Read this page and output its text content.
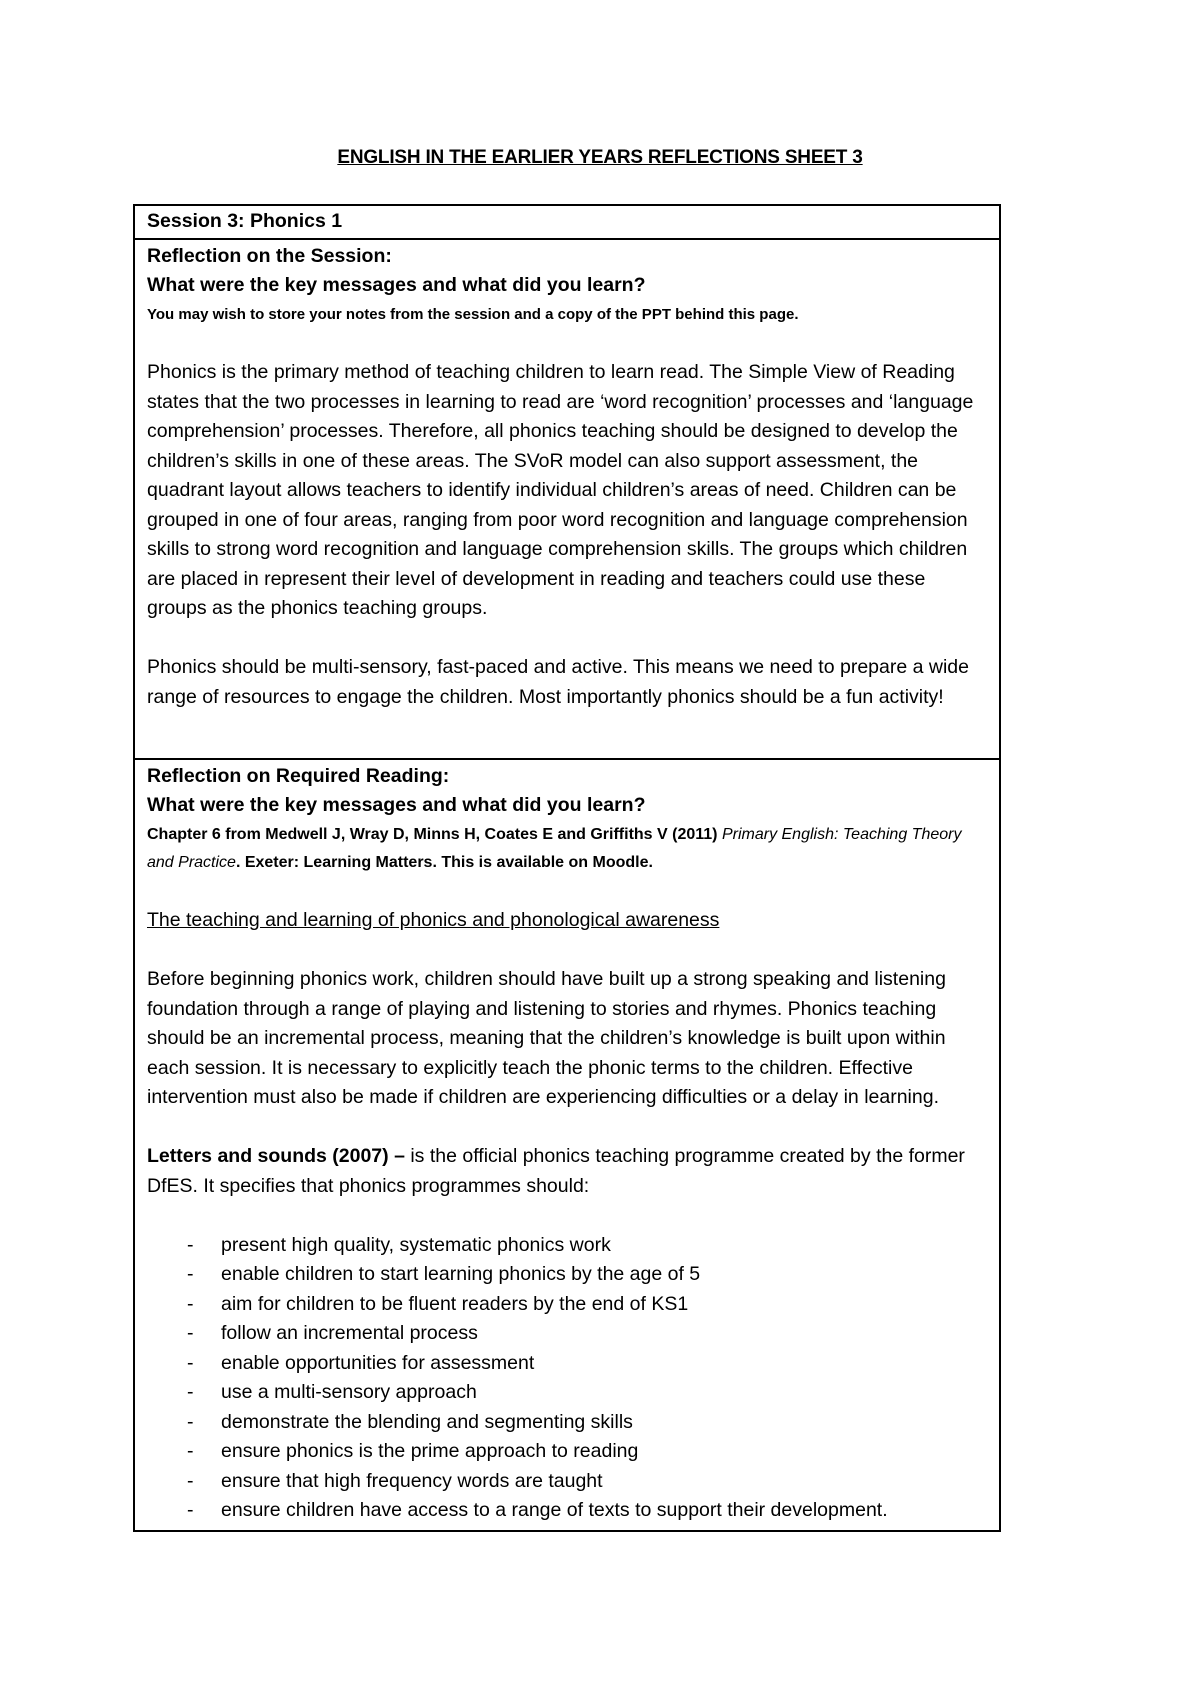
ENGLISH IN THE EARLIER YEARS REFLECTIONS SHEET 3
Session 3: Phonics 1
Reflection on the Session:
What were the key messages and what did you learn?
You may wish to store your notes from the session and a copy of the PPT behind this page.
Phonics is the primary method of teaching children to learn read. The Simple View of Reading states that the two processes in learning to read are ‘word recognition’ processes and ‘language comprehension’ processes. Therefore, all phonics teaching should be designed to develop the children’s skills in one of these areas. The SVoR model can also support assessment, the quadrant layout allows teachers to identify individual children’s areas of need. Children can be grouped in one of four areas, ranging from poor word recognition and language comprehension skills to strong word recognition and language comprehension skills. The groups which children are placed in represent their level of development in reading and teachers could use these groups as the phonics teaching groups.
Phonics should be multi-sensory, fast-paced and active. This means we need to prepare a wide range of resources to engage the children. Most importantly phonics should be a fun activity!
Reflection on Required Reading:
What were the key messages and what did you learn?
Chapter 6 from Medwell J, Wray D, Minns H, Coates E and Griffiths V (2011) Primary English: Teaching Theory and Practice. Exeter: Learning Matters. This is available on Moodle.
The teaching and learning of phonics and phonological awareness
Before beginning phonics work, children should have built up a strong speaking and listening foundation through a range of playing and listening to stories and rhymes. Phonics teaching should be an incremental process, meaning that the children’s knowledge is built upon within each session. It is necessary to explicitly teach the phonic terms to the children. Effective intervention must also be made if children are experiencing difficulties or a delay in learning.
Letters and sounds (2007) – is the official phonics teaching programme created by the former DfES. It specifies that phonics programmes should:
- present high quality, systematic phonics work
- enable children to start learning phonics by the age of 5
- aim for children to be fluent readers by the end of KS1
- follow an incremental process
- enable opportunities for assessment
- use a multi-sensory approach
- demonstrate the blending and segmenting skills
- ensure phonics is the prime approach to reading
- ensure that high frequency words are taught
- ensure children have access to a range of texts to support their development.
